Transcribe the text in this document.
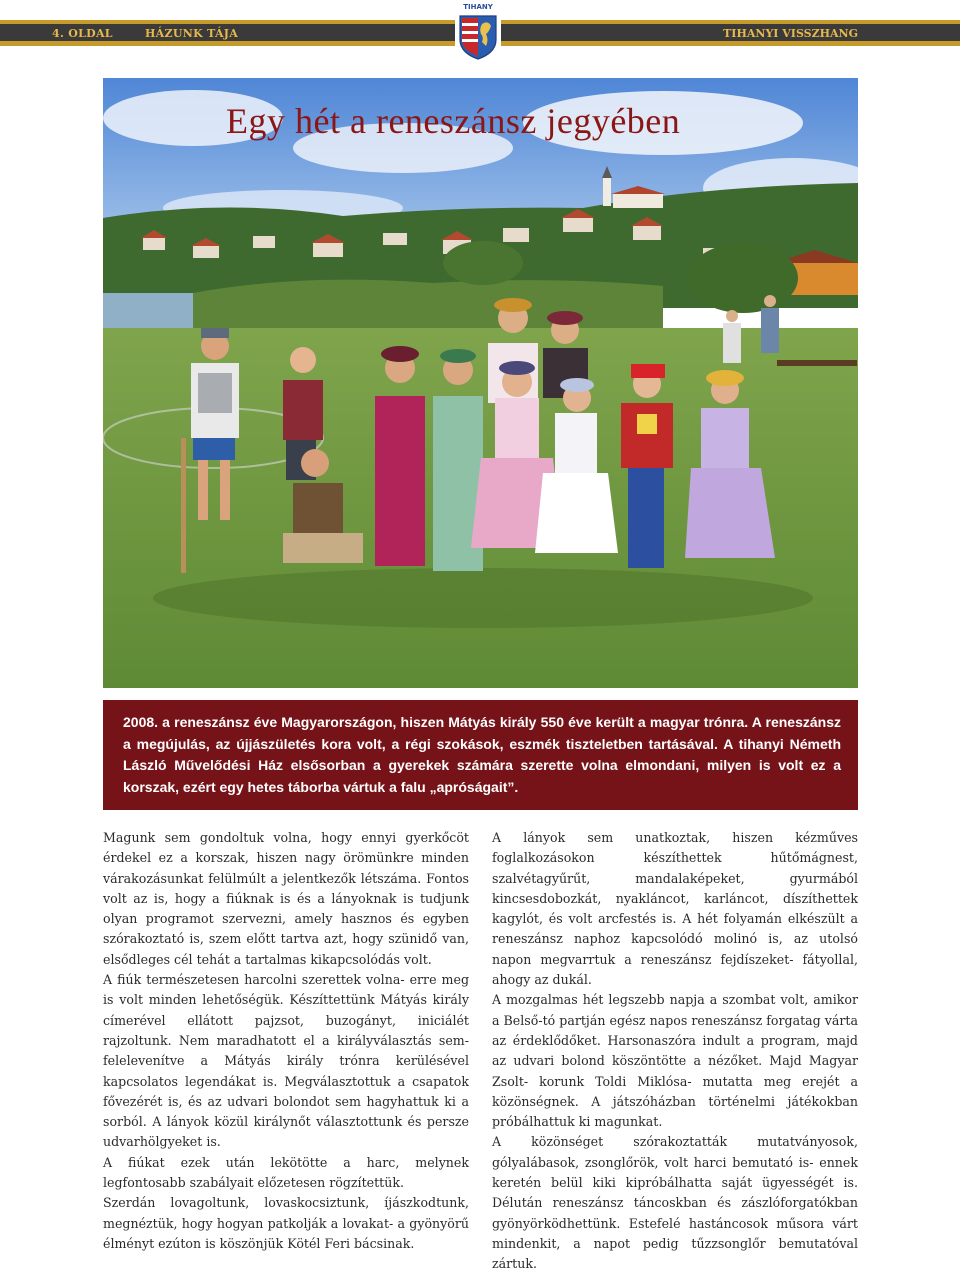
4. OLDAL	HÁZUNK TÁJA	TIHANYI VISSZHANG
TIHANY
Egy hét a reneszánsz jegyében

2008. a reneszánsz éve Magyarországon, hiszen Mátyás király 550 éve került a magyar trónra. A reneszánsz a megújulás, az újjászületés kora volt, a régi szokások, eszmék tiszteletben tartásával. A tihanyi Németh László Művelődési Ház elsősorban a gyerekek számára szerette volna elmondani, milyen is volt ez a korszak, ezért egy hetes táborba vártuk a falu „apróságait”.

Magunk sem gondoltuk volna, hogy ennyi gyerkőcöt érdekel ez a korszak, hiszen nagy örömünkre minden várakozásunkat felülmúlt a jelentkezők létszáma. Fontos volt az is, hogy a fiúknak is és a lányoknak is tudjunk olyan programot szervezni, amely hasznos és egyben szórakoztató is, szem előtt tartva azt, hogy szünidő van, elsődleges cél tehát a tartalmas kikapcsolódás volt.

A fiúk természetesen harcolni szerettek volna- erre meg is volt minden lehetőségük. Készíttettünk Mátyás király címerével ellátott pajzsot, buzogányt, iniciálét rajzoltunk. Nem maradhatott el a királyválasztás sem- felelevenítve a Mátyás király trónra kerülésével kapcsolatos legendákat is. Megválasztottuk a csapatok fővezérét is, és az udvari bolondot sem hagyhattuk ki a sorból. A lányok közül királynőt választottunk és persze udvarhölgyeket is.

A fiúkat ezek után lekötötte a harc, melynek legfontosabb szabályait előzetesen rögzítettük.

Szerdán lovagoltunk, lovaskocsiztunk, íjászkodtunk, megnéztük, hogy hogyan patkolják a lovakat- a gyönyörű élményt ezúton is köszönjük Kötél Feri bácsinak.

A lányok sem unatkoztak, hiszen kézműves foglalkozásokon készíthettek hűtőmágnest, szalvétagyűrűt, mandalaképeket, gyurmából kincsesdobozkát, nyakláncot, karláncot, díszíthettek kagylót, és volt arcfestés is. A hét folyamán elkészült a reneszánsz naphoz kapcsolódó molinó is, az utolsó napon megvarrtuk a reneszánsz fejdíszeket- fátyollal, ahogy az dukál.

A mozgalmas hét legszebb napja a szombat volt, amikor a Belső-tó partján egész napos reneszánsz forgatag várta az érdeklődőket. Harsonaszóra indult a program, majd az udvari bolond köszöntötte a nézőket. Majd Magyar Zsolt- korunk Toldi Miklósa- mutatta meg erejét a közönségnek. A játszóházban történelmi játékokban próbálhattuk ki magunkat.

A közönséget szórakoztatták mutatványosok, gólyalábasok, zsonglőrök, volt harci bemutató is- ennek keretén belül kiki kipróbálhatta saját ügyességét is. Délután reneszánsz táncoskban és zászlóforgatókban gyönyörködhettünk. Estefelé hastáncosok műsora várt mindenkit, a napot pedig tűzzsonglőr bemutatóval zártuk.
